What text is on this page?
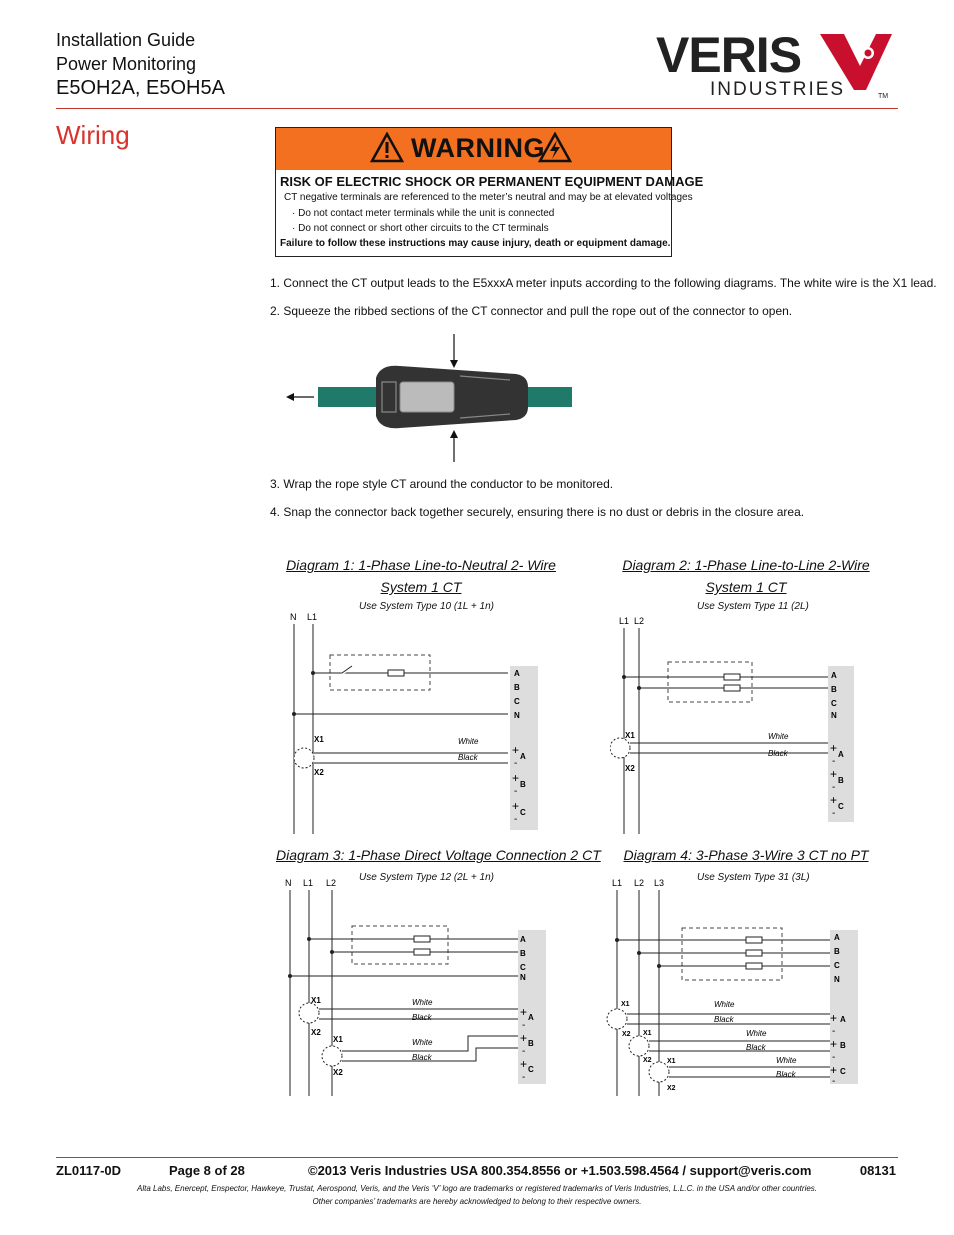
Installation Guide
Power Monitoring
E5OH2A, E5OH5A
VERIS
INDUSTRIES	TM
Wiring	WARNING
RISK OF ELECTRIC SHOCK OR PERMANENT EQUIPMENT DAMAGE
CT negative terminals are referenced to the meter’s neutral and may be at elevated voltages
· Do not contact meter terminals while the unit is connected
· Do not connect or short other circuits to the CT terminals
Failure to follow these instructions may cause injury, death or equipment damage.
1. Connect the CT output leads to the E5xxxA meter inputs according to the following diagrams. The white wire is the X1 lead.
2. Squeeze the ribbed sections of the CT connector and pull the rope out of the connector to open.
3. Wrap the rope style CT around the conductor to be monitored.
4. Snap the connector back together securely, ensuring there is no dust or debris in the closure area.
Diagram 1: 1-Phase Line-to-Neutral 2- Wire
System 1 CT
Use System Type 10 (1L + 1n)
Diagram 2: 1-Phase Line-to-Line 2-Wire
System 1 CT
Use System Type 11 (2L)
Diagram 3: 1-Phase Direct Voltage Connection 2 CT
Use System Type 12 (2L + 1n)
Diagram 4: 3-Phase 3-Wire 3 CT no PT
Use System Type 31 (3L)
N L1
A
B
C
N
X1
X2
+
+
+
-
-
-
A
B
C
White
Black
L1 L2
A
B
C
N
X1
X2
+
+
+
-
-
-
A
B
C
White
Black
N L1 L2
A
B
C
N
X1
X2
X1
X2
+
+
+
-
-
-
A
B
C
White
Black
White
Black
L1 L2 L3
A
B
C
N
X1
X2 X1
X2 X1
X2
+
+
+
-
-
-
A
B
C
White
Black
White
Black
White
Black
ZL0117-0D	Page 8 of 28	©2013 Veris Industries USA 800.354.8556 or +1.503.598.4564 / support@veris.com	08131
Alta Labs, Enercept, Enspector, Hawkeye, Trustat, Aerospond, Veris, and the Veris ‘V’ logo are trademarks or registered trademarks of Veris Industries, L.L.C. in the USA and/or other countries.
Other companies’ trademarks are hereby acknowledged to belong to their respective owners.
